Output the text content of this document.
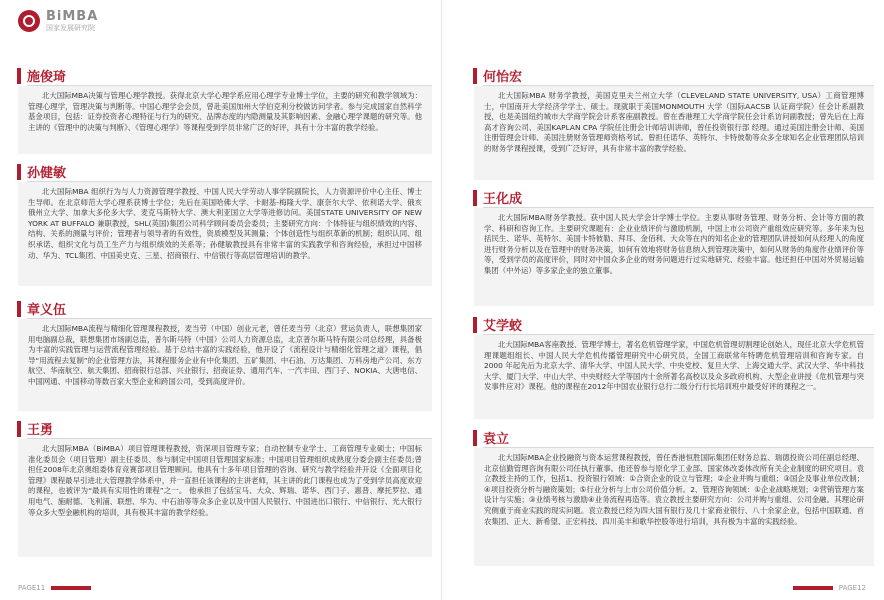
BiMBA
国家发展研究院
施俊琦
北大国际MBA决策与管理心理学教授。获得北京大学心理学系应用心理学专业博士学位，主要的研究和教学领域为：管理心理学，管理决策与判断等。中国心理学会会员，曾赴美国加州大学伯克利分校做访问学者。参与完成国家自然科学基金项目，包括：证券投资者心理特征与行为的研究、品牌态度的内隐测量及其影响因素、金融心理学课题的研究等。他主讲的《管理中的决策与判断》、《管理心理学》等课程受到学员非常广泛的好评，具有十分丰富的教学经验。
孙健敏
北大国际MBA 组织行为与人力资源管理学教授、中国人民大学劳动人事学院副院长，人力资源评价中心主任、博士生导师。在北京师范大学心理系获博士学位；先后在美国哈佛大学、卡耐基-梅隆大学、康奈尔大学、依利诺大学、俄亥俄州立大学、加拿大多伦多大学、麦克马斯特大学、澳大利亚国立大学等进修访问。美国STATE UNIVERSITY OF NEW YORK AT BUFFALO 兼职教授，SHL(英国)集团公司科学顾问委员会委员；主要研究方向：个体特征与组织绩效的内容、结构、关系的测量与评价；管理者与领导者的有效性，资质模型及其测量；个体创造性与组织革新的机制；组织认同、组织承诺、组织文化与员工生产力与组织绩效的关系等；孙健敏教授具有非常丰富的实践教学和咨询经验，承担过中国移动、华为、TCL集团、中国美史克、三星、招商银行、中信银行等高层管理培训的教学。
章义伍
北大国际MBA流程与精细化管理课程教授，麦当劳（中国）创业元老，曾任麦当劳（北京）营运负责人，联想集团家用电脑副总裁，联想集团市场副总监，普尔斯马特（中国）公司人力资源总监，北京普尔斯马特有限公司总经理，具备极为丰富的实践管理与运营流程管理经验。基于总结丰富的实践经验，他开设了《流程设计与精细化管理之道》课程，倡导“用流程去复制”的企业管理方法，其课程服务企业有中化集团、五矿集团、中石油、万达集团、万科房地产公司、东方航空、华南航空、航天集团、招商银行总部、兴业银行、招商证券、通用汽车、一汽丰田、西门子、NOKIA、大唐电信、中国网通、中国移动等数百家大型企业和跨国公司，受到高度评价。
王勇
北大国际MBA（BiMBA）项目管理课程教授，资深项目管理专家；自动控制专业学士、工商管理专业硕士；中国标准化委员会（项目管理）副主任委员、参与制定中国项目管理国家标准；中国项目管理组织成熟度分委会副主任委员;曾担任2008年北京奥组委体育竞赛部项目管理顾问。他具有十多年项目管理的咨询、研究与教学经验并开设《全面项目化管理》课程最早引进北大管理教学体系中，并一直担任该课程的主讲老师，其主讲的此门课程也成为了受到学员高度欢迎的课程，也被评为“最具有实用性的课程”之一。 他承担了包括宝马、大众、辉瑞、诺华、西门子、惠普、摩托罗拉、通用电气、施耐德、飞利浦、联想、华为、中石油等等众多企业以及中国人民银行、中国进出口银行、中信银行、光大银行等众多大型金融机构的培训，具有极其丰富的教学经验。
PAGE11
何怡宏
北大国际MBA 财务学教授，美国克里夫兰州立大学（CLEVELAND STATE UNIVERSITY, USA）工商管理博士，中国南开大学经济学学士、硕士。现就职于美国MONMOUTH 大学（国际AACSB 认证商学院）任会计系副教授，也是美国纽约城市大学商学院会计系客座副教授。曾在香港理工大学商学院任会计系访问副教授；曾先后在上海高才咨询公司、美国KAPLAN CPA 学院任注册会计师培训讲师，曾任投资银行部 经理。通过美国注册会计师、美国注册管理会计师、美国注册财务管理师资格考试。曾担任诺华、英特尔、卡特彼勒等众多全球知名企业管理团队培训的财务学课程授课，受到广泛好评，具有非常丰富的教学经验。
王化成
北大国际MBA财务学教授。获中国人民大学会计学博士学位。主要从事财务管理、财务分析、会计等方面的教学、科研和咨询工作。主要研究课题有：企业业绩评价与激励机制，中国上市公司资产重组效应研究等。多年来为包括民生、诺华、英特尔、美国卡特彼勒、拜耳、金佰利、大众等在内的知名企业的管理团队讲授如何从经理人的角度进行财务分析以及在管理中的财务决策，如何有效地将财务信息纳入到管理决策中，如何从财务的角度作业绩评价等等，受到学员的高度评价，同时对中国众多企业的财务问题进行过实地研究、经验丰富。他还担任中国对外贸易运输集团（中外运）等多家企业的独立董事。
艾学蛟
北大国际MBA客座教授、管理学博士，著名危机管理学家，中国危机管理切割理论创始人，现任北京大学危机管理课题组组长、中国人民大学危机传播管理研究中心研究员，全国工商联常年特聘危机管理培训和咨询专家。自2000 年起先后为北京大学、清华大学、中国人民大学、中央党校、复旦大学、上海交通大学、武汉大学、华中科技大学、厦门大学、中山大学、中央财经大学等国内十余所著名高校以及众多政府机构、大型企业讲授《危机管理与突发事件应对》课程。他的课程在2012年中国农业银行总行二级分行行长培训班中最受好评的课程之一。
袁立
北大国际MBA企业投融资与资本运营课程教授，曾任香港恒胜国际集团任财务总监、瑞德投资公司任副总经理、北京信勤管理咨询有限公司任执行董事。他还曾参与原化学工业部、国家体改委体改所有关企业制度的研究项目。袁立教授主持的工作，包括1、投资银行领域：①合资企业的设立与管理；②企业并购与重组；③国企及事业单位改制；④项目投资分析与融资策划；⑤行业分析与上市公司价值分析。2、管理咨询领域：①企业战略规划；②营销管理方案设计与实施；③业绩考核与激励④业务流程再造等。袁立教授主要研究方向：公司并购与重组、公司金融。其理论研究侧重于商业实践的现实问题。袁立教授已经为四大国有银行及几十家商业银行、八十余家企业，包括中国联通、首农集团、正大、新希望、正宏科技、四川美丰和歌华控股等进行培训，具有极为丰富的实践经验。
PAGE12
